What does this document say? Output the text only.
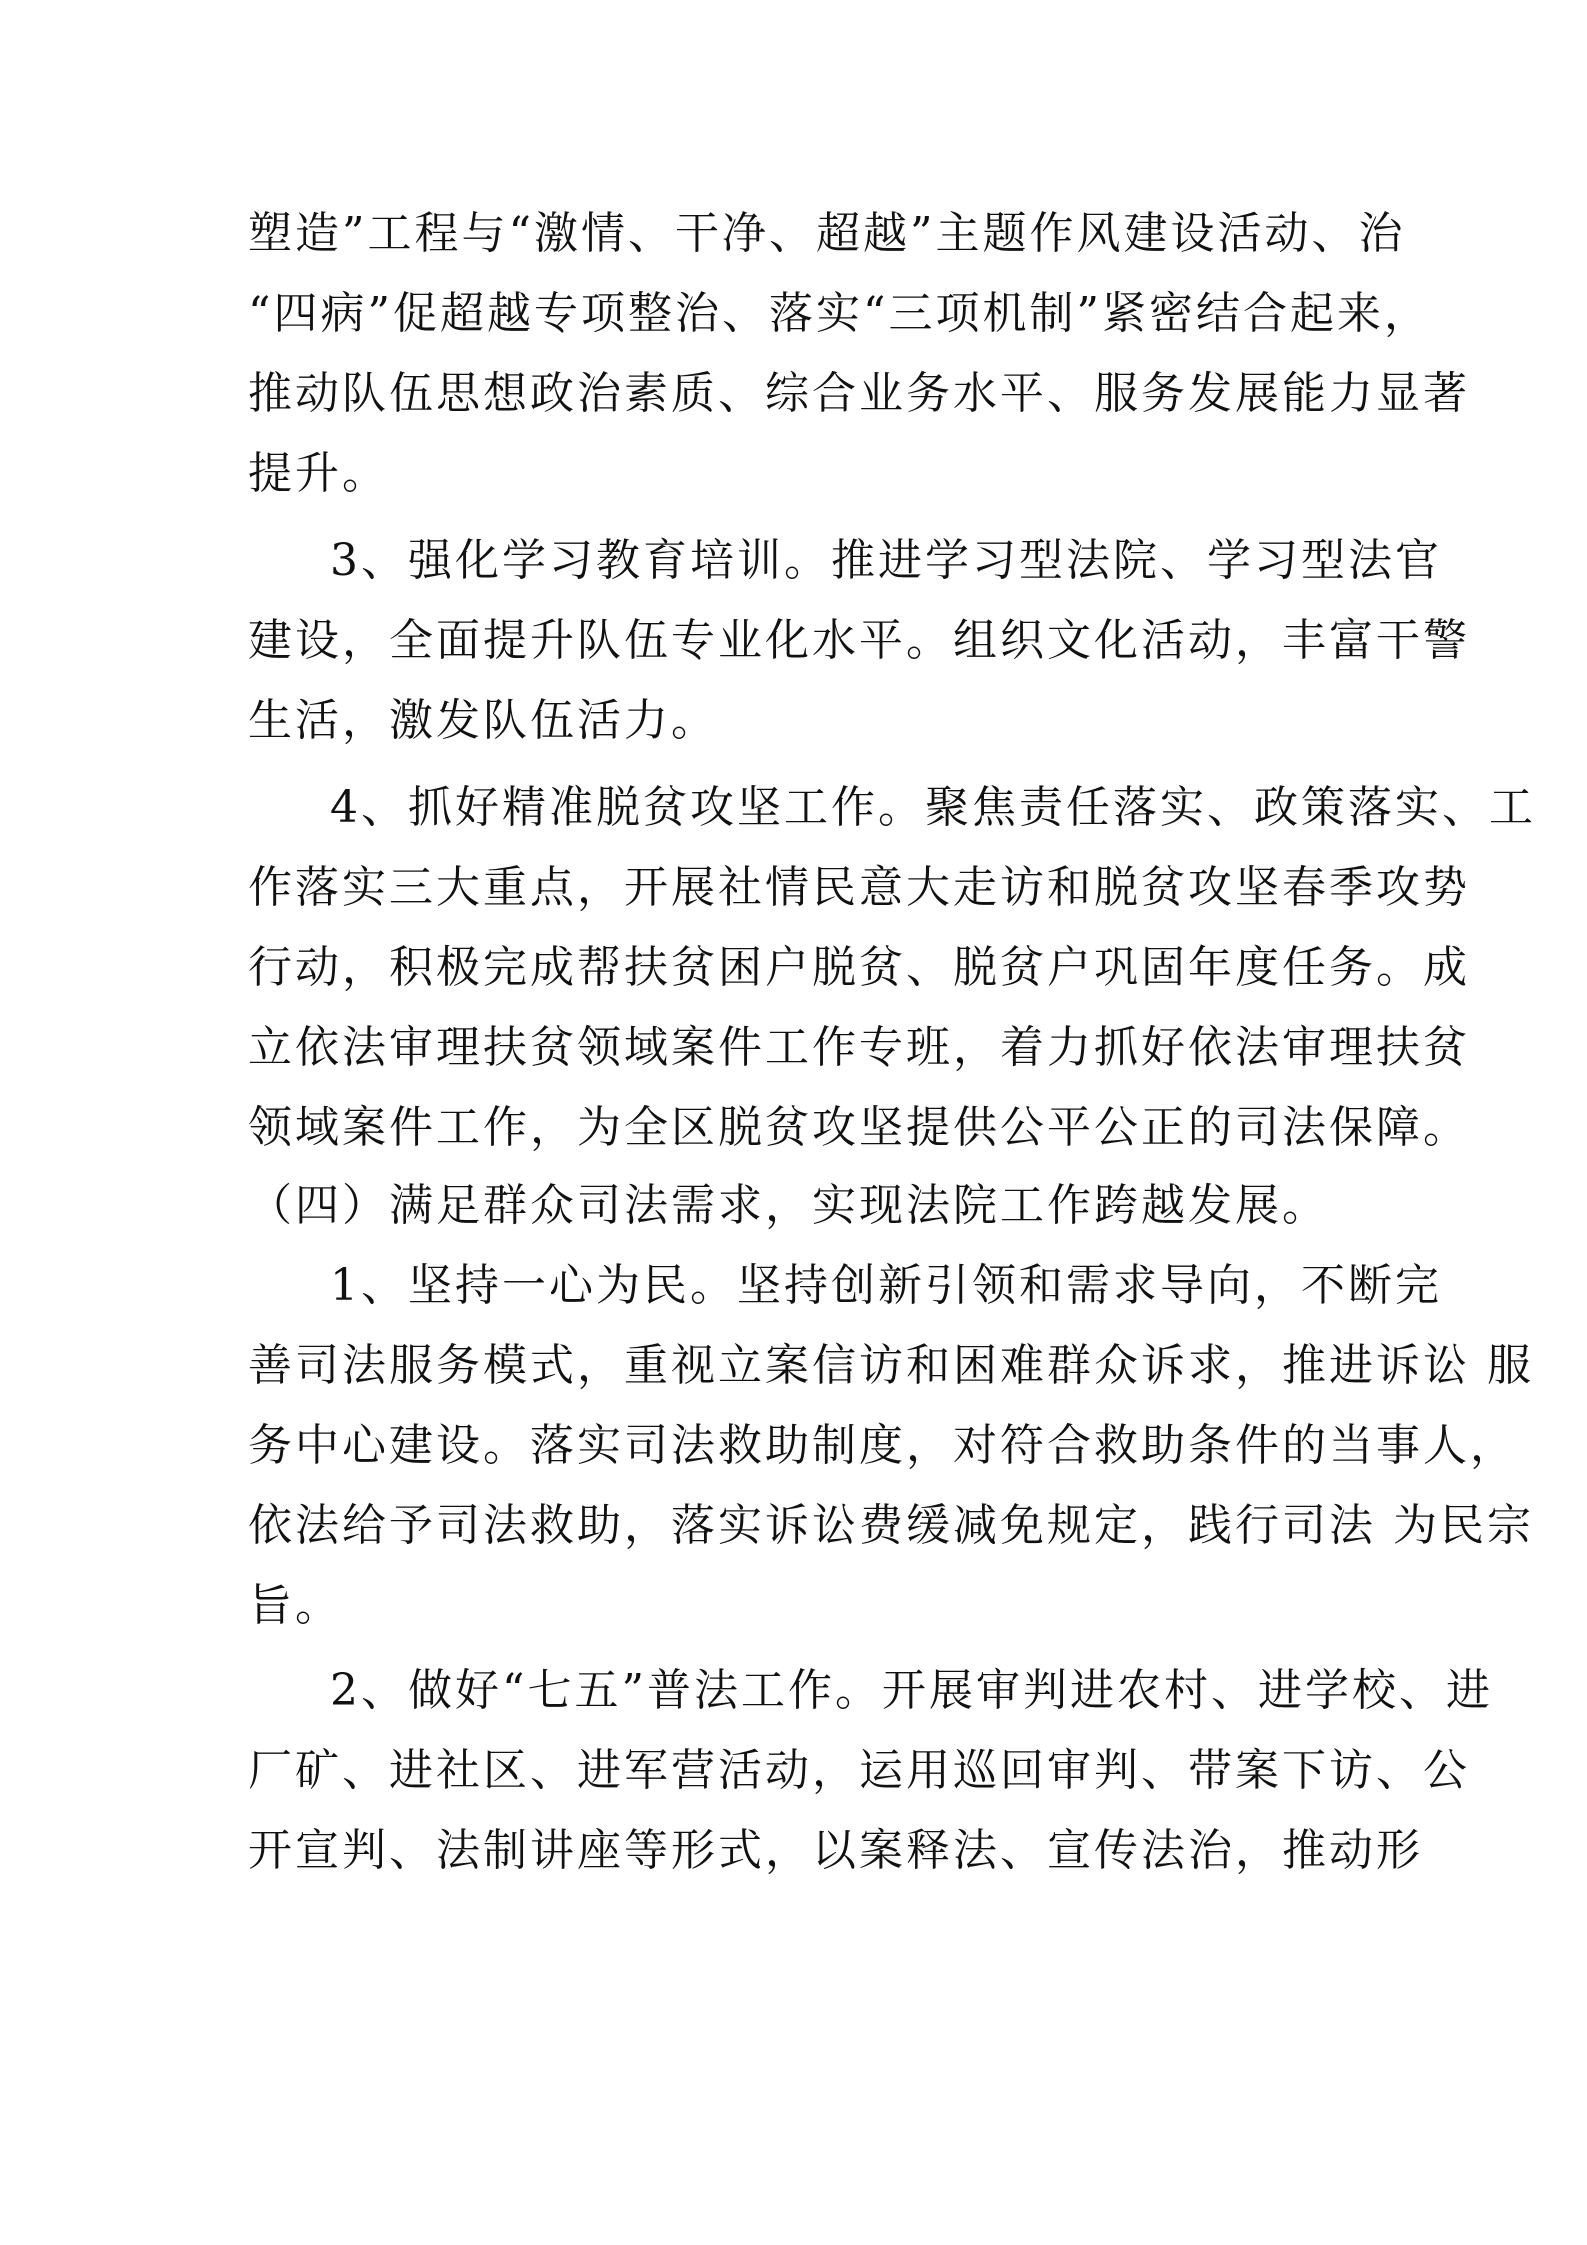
塑造”工程与“激情、干净、超越”主题作风建设活动、治
“四病”促超越专项整治、落实“三项机制”紧密结合起来，
推动队伍思想政治素质、综合业务水平、服务发展能力显著
提升。
3、强化学习教育培训。推进学习型法院、学习型法官
建设，全面提升队伍专业化水平。组织文化活动，丰富干警
生活，激发队伍活力。
4、抓好精准脱贫攻坚工作。聚焦责任落实、政策落实、工
作落实三大重点，开展社情民意大走访和脱贫攻坚春季攻势
行动，积极完成帮扶贫困户脱贫、脱贫户巩固年度任务。成
立依法审理扶贫领域案件工作专班，着力抓好依法审理扶贫
领域案件工作，为全区脱贫攻坚提供公平公正的司法保障。
（四）满足群众司法需求，实现法院工作跨越发展。
1、坚持一心为民。坚持创新引领和需求导向，不断完
善司法服务模式，重视立案信访和困难群众诉求，推进诉讼 服
务中心建设。落实司法救助制度，对符合救助条件的当事人，
依法给予司法救助，落实诉讼费缓减免规定，践行司法 为民宗
旨。
2、做好“七五”普法工作。开展审判进农村、进学校、进
厂矿、进社区、进军营活动，运用巡回审判、带案下访、公
开宣判、法制讲座等形式，以案释法、宣传法治，推动形
